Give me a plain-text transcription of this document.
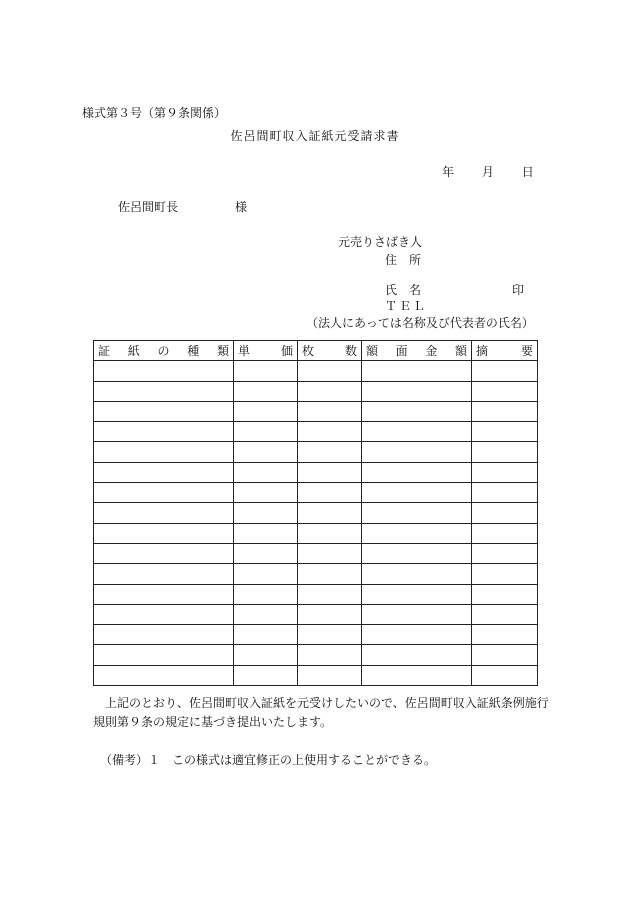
様式第３号（第９条関係）
佐呂間町収入証紙元受請求書
年 月 日
佐呂間町長	様
元売りさばき人
住　所
氏　名	印
ＴＥＬ
（法人にあっては名称及び代表者の氏名）
証 紙 の 種 類	単 価	枚 数	額 面 金 額	摘 要

上記のとおり、佐呂間町収入証紙を元受けしたいので、佐呂間町収入証紙条例施行規則第９条の規定に基づき提出いたします。
（備考）１　この様式は適宜修正の上使用することができる。
